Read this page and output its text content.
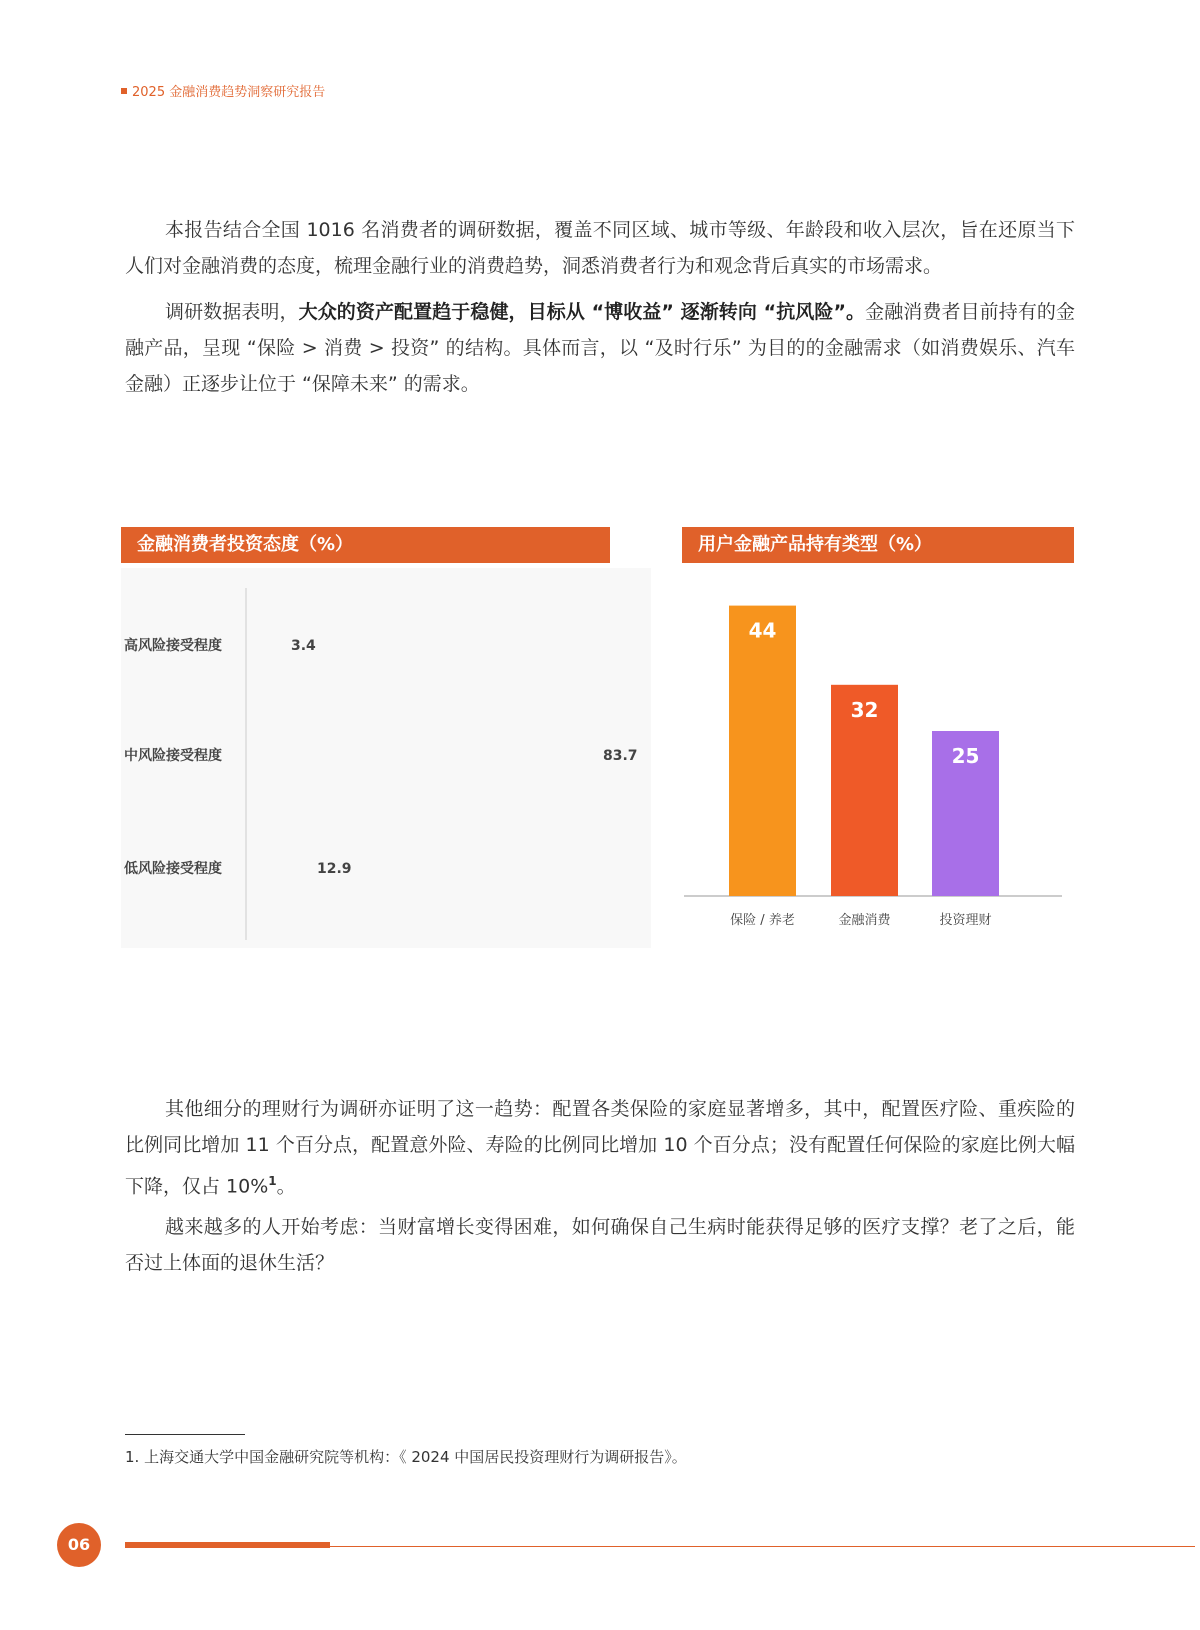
2025 金融消费趋势洞察研究报告

本报告结合全国 1016 名消费者的调研数据，覆盖不同区域、城市等级、年龄段和收入层次，旨在还原当下人们对金融消费的态度，梳理金融行业的消费趋势，洞悉消费者行为和观念背后真实的市场需求。

调研数据表明，大众的资产配置趋于稳健，目标从 “博收益” 逐渐转向 “抗风险”。金融消费者目前持有的金融产品，呈现 “保险 > 消费 > 投资” 的结构。具体而言，以 “及时行乐” 为目的的金融需求（如消费娱乐、汽车金融）正逐步让位于 “保障未来” 的需求。

金融消费者投资态度（%）
高风险接受程度	3.4
中风险接受程度	83.7
低风险接受程度	12.9
用户金融产品持有类型（%）
44
保险 / 养老
32
金融消费
25
投资理财

其他细分的理财行为调研亦证明了这一趋势：配置各类保险的家庭显著增多，其中，配置医疗险、重疾险的比例同比增加 11 个百分点，配置意外险、寿险的比例同比增加 10 个百分点；没有配置任何保险的家庭比例大幅下降，仅占 10%$^1$。

越来越多的人开始考虑：当财富增长变得困难，如何确保自己生病时能获得足够的医疗支撑？老了之后，能否过上体面的退休生活？

1. 上海交通大学中国金融研究院等机构：《 2024 中国居民投资理财行为调研报告》。
06
